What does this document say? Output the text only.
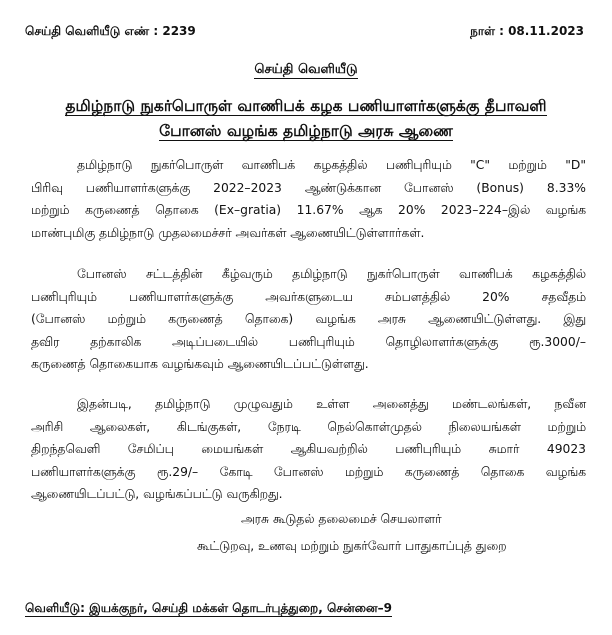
செய்தி வெளியீடு எண் : 2239	நாள் : 08.11.2023
செய்தி வெளியீடு
தமிழ்நாடு நுகர்பொருள் வாணிபக் கழக பணியாளர்களுக்கு தீபாவளி
போனஸ் வழங்க தமிழ்நாடு அரசு ஆணை
தமிழ்நாடு நுகர்பொருள் வாணிபக் கழகத்தில் பணிபுரியும் "C" மற்றும் "D"
பிரிவு பணியாளர்களுக்கு 2022–2023 ஆண்டுக்கான போனஸ் (Bonus) 8.33%
மற்றும் கருணைத் தொகை (Ex–gratia) 11.67% ஆக 20% 2023–224–இல் வழங்க
மாண்புமிகு தமிழ்நாடு முதலமைச்சர் அவர்கள் ஆணையிட்டுள்ளார்கள்.
போனஸ் சட்டத்தின் கீழ்வரும் தமிழ்நாடு நுகர்பொருள் வாணிபக் கழகத்தில்
பணிபுரியும் பணியாளர்களுக்கு அவர்களுடைய சம்பளத்தில் 20% சதவீதம்
(போனஸ் மற்றும் கருணைத் தொகை) வழங்க அரசு ஆணையிட்டுள்ளது. இது
தவிர தற்காலிக அடிப்படையில் பணிபுரியும் தொழிலாளர்களுக்கு ரூ.3000/–
கருணைத் தொகையாக வழங்கவும் ஆணையிடப்பட்டுள்ளது.
இதன்படி, தமிழ்நாடு முழுவதும் உள்ள அனைத்து மண்டலங்கள், நவீன
அரிசி ஆலைகள், கிடங்குகள், நேரடி நெல்கொள்முதல் நிலையங்கள் மற்றும்
திறந்தவெளி சேமிப்பு மையங்கள் ஆகியவற்றில் பணிபுரியும் சுமார் 49023
பணியாளர்களுக்கு ரூ.29/– கோடி போனஸ் மற்றும் கருணைத் தொகை வழங்க
ஆணையிடப்பட்டு, வழங்கப்பட்டு வருகிறது.
அரசு கூடுதல் தலைமைச் செயலாளர்
கூட்டுறவு, உணவு மற்றும் நுகர்வோர் பாதுகாப்புத் துறை
வெளியீடு: இயக்குநர், செய்தி மக்கள் தொடர்புத்துறை, சென்னை–9
